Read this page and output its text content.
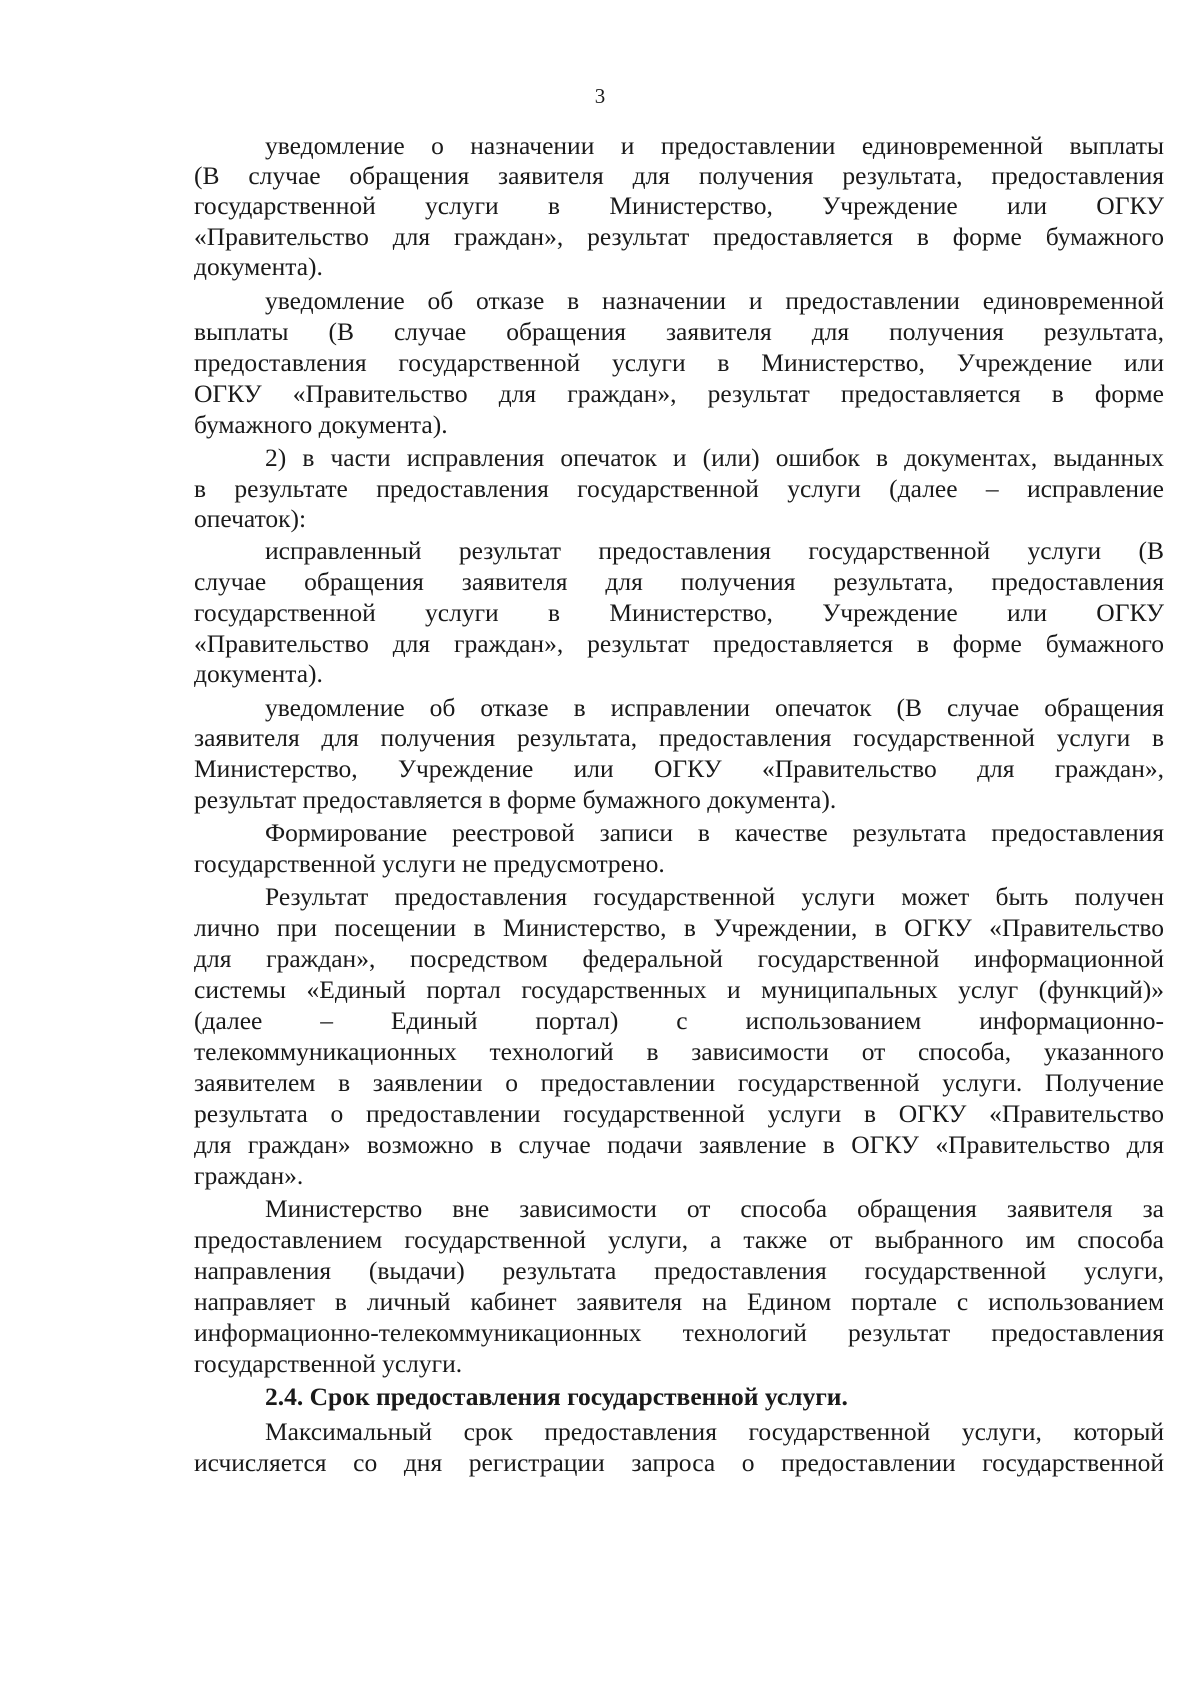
3
уведомление о назначении и предоставлении единовременной выплаты
(В случае обращения заявителя для получения результата, предоставления
государственной услуги в Министерство, Учреждение или ОГКУ
«Правительство для граждан», результат предоставляется в форме бумажного
документа).
уведомление об отказе в назначении и предоставлении единовременной
выплаты (В случае обращения заявителя для получения результата,
предоставления государственной услуги в Министерство, Учреждение или
ОГКУ «Правительство для граждан», результат предоставляется в форме
бумажного документа).
2) в части исправления опечаток и (или) ошибок в документах, выданных
в результате предоставления государственной услуги (далее – исправление
опечаток):
исправленный результат предоставления государственной услуги (В
случае обращения заявителя для получения результата, предоставления
государственной услуги в Министерство, Учреждение или ОГКУ
«Правительство для граждан», результат предоставляется в форме бумажного
документа).
уведомление об отказе в исправлении опечаток (В случае обращения
заявителя для получения результата, предоставления государственной услуги в
Министерство, Учреждение или ОГКУ «Правительство для граждан»,
результат предоставляется в форме бумажного документа).
Формирование реестровой записи в качестве результата предоставления
государственной услуги не предусмотрено.
Результат предоставления государственной услуги может быть получен
лично при посещении в Министерство, в Учреждении, в ОГКУ «Правительство
для граждан», посредством федеральной государственной информационной
системы «Единый портал государственных и муниципальных услуг (функций)»
(далее – Единый портал) с использованием информационно-
телекоммуникационных технологий в зависимости от способа, указанного
заявителем в заявлении о предоставлении государственной услуги. Получение
результата о предоставлении государственной услуги в ОГКУ «Правительство
для граждан» возможно в случае подачи заявление в ОГКУ «Правительство для
граждан».
Министерство вне зависимости от способа обращения заявителя за
предоставлением государственной услуги, а также от выбранного им способа
направления (выдачи) результата предоставления государственной услуги,
направляет в личный кабинет заявителя на Едином портале с использованием
информационно-телекоммуникационных технологий результат предоставления
государственной услуги.
2.4. Срок предоставления государственной услуги.
Максимальный срок предоставления государственной услуги, который
исчисляется со дня регистрации запроса о предоставлении государственной
